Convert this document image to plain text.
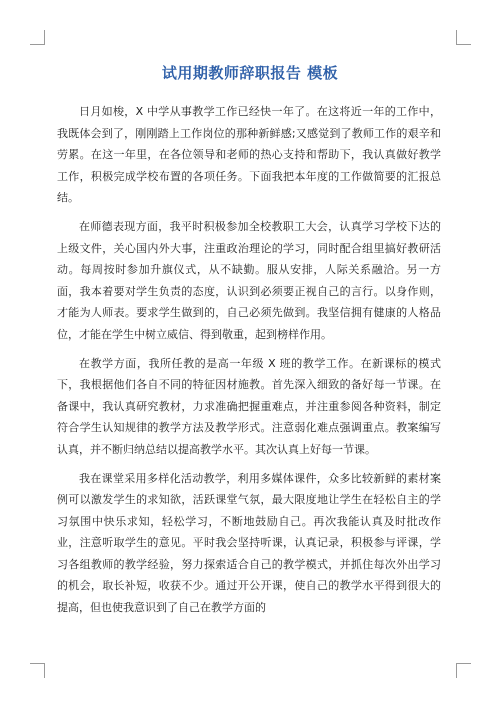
试用期教师辞职报告 模板

日月如梭，X 中学从事教学工作已经快一年了。在这将近一年的工作中，我既体会到了，刚刚踏上工作岗位的那种新鲜感;又感觉到了教师工作的艰辛和劳累。在这一年里，在各位领导和老师的热心支持和帮助下，我认真做好教学工作，积极完成学校布置的各项任务。下面我把本年度的工作做简要的汇报总结。

在师德表现方面，我平时积极参加全校教职工大会，认真学习学校下达的上级文件，关心国内外大事，注重政治理论的学习，同时配合组里搞好教研活动。每周按时参加升旗仪式，从不缺勤。服从安排，人际关系融洽。另一方面，我本着要对学生负责的态度，认识到必须要正视自己的言行。以身作则，才能为人师表。要求学生做到的，自己必须先做到。我坚信拥有健康的人格品位，才能在学生中树立威信、得到敬重，起到榜样作用。

在教学方面，我所任教的是高一年级 X 班的教学工作。在新课标的模式下，我根据他们各自不同的特征因材施教。首先深入细致的备好每一节课。在备课中，我认真研究教材，力求准确把握重难点，并注重参阅各种资料，制定符合学生认知规律的教学方法及教学形式。注意弱化难点强调重点。教案编写认真，并不断归纳总结以提高教学水平。其次认真上好每一节课。

我在课堂采用多样化活动教学，利用多媒体课件，众多比较新鲜的素材案例可以激发学生的求知欲，活跃课堂气氛，最大限度地让学生在轻松自主的学习氛围中快乐求知，轻松学习，不断地鼓励自己。再次我能认真及时批改作业，注意听取学生的意见。平时我会坚持听课，认真记录，积极参与评课，学习各组教师的教学经验，努力探索适合自己的教学模式，并抓住每次外出学习的机会，取长补短，收获不少。通过开公开课，使自己的教学水平得到很大的提高，但也使我意识到了自己在教学方面的
